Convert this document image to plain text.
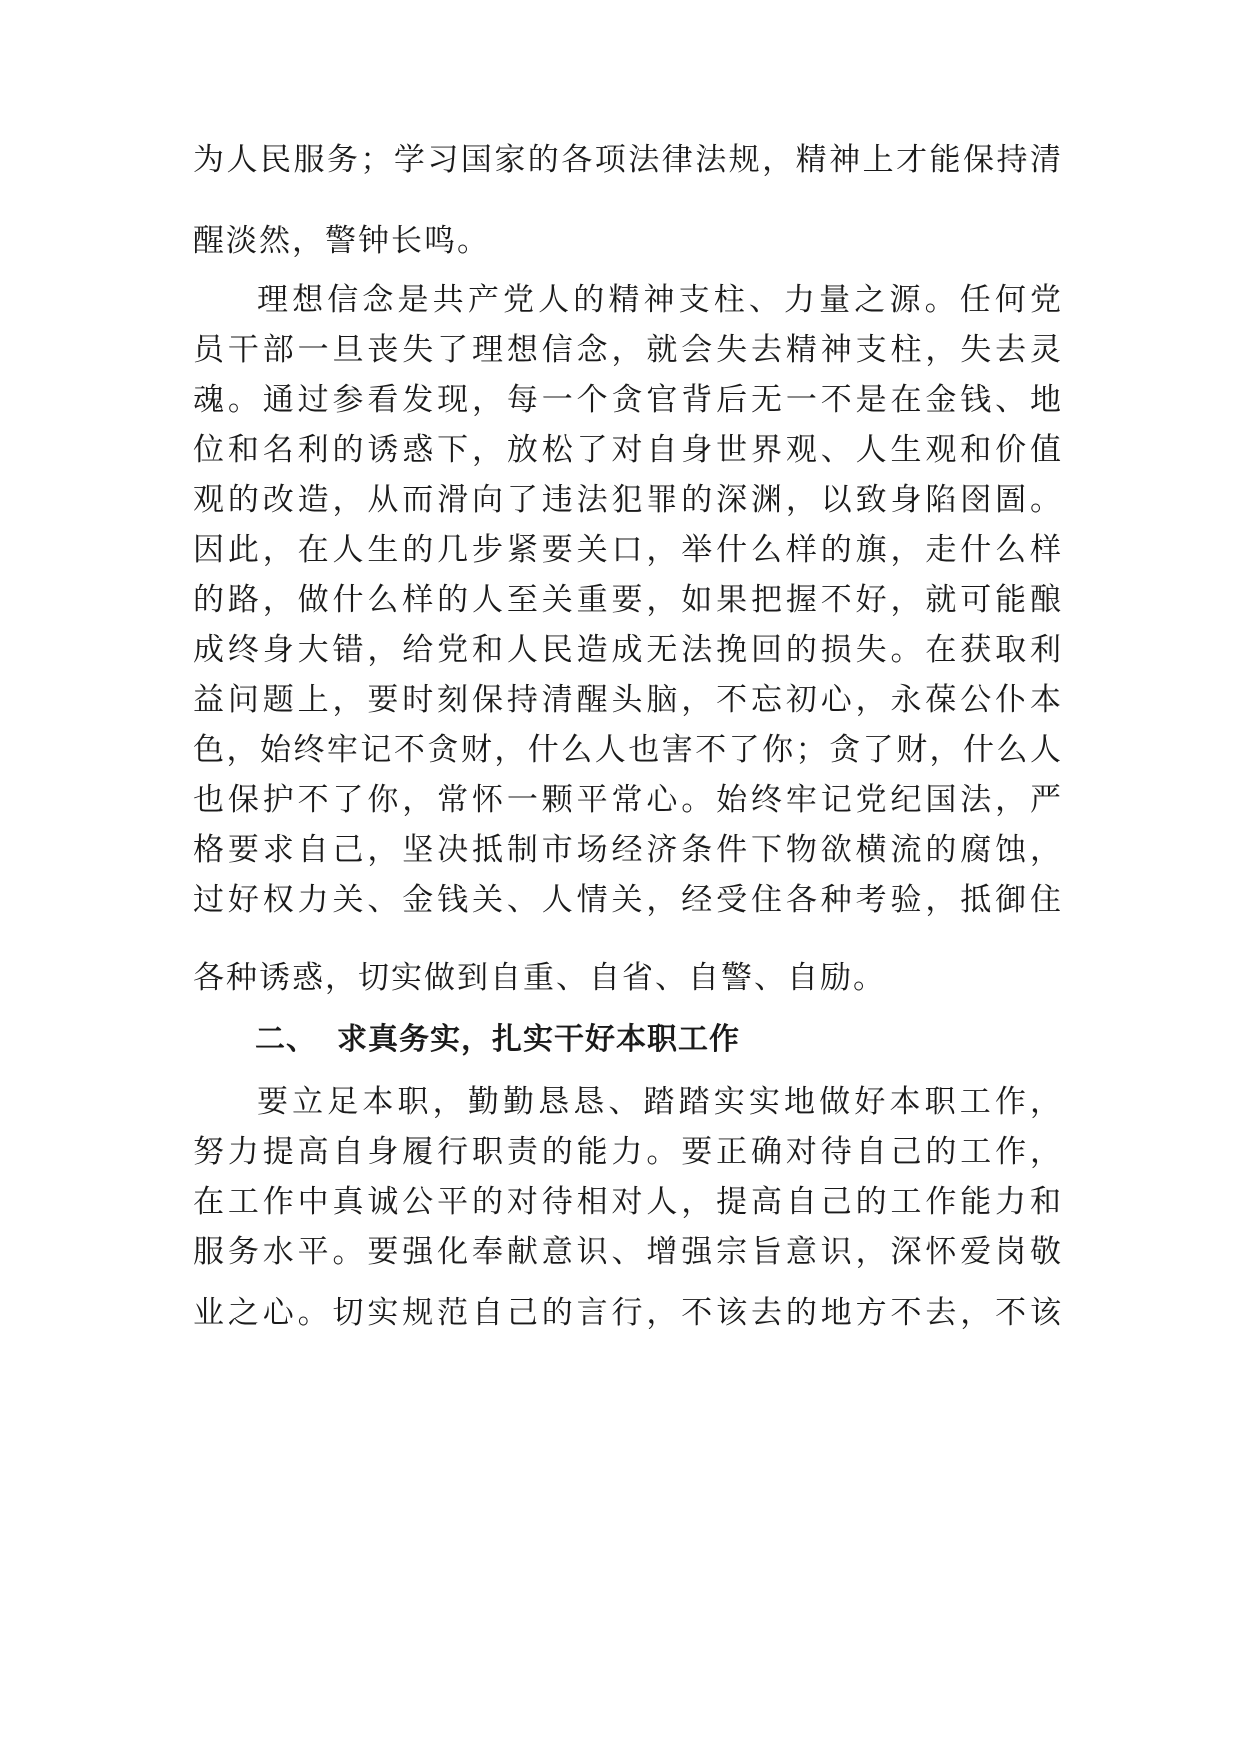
为人民服务；学习国家的各项法律法规，精神上才能保持清
醒淡然，警钟长鸣。
理想信念是共产党人的精神支柱、力量之源。任何党
员干部一旦丧失了理想信念，就会失去精神支柱，失去灵
魂。通过参看发现，每一个贪官背后无一不是在金钱、地
位和名利的诱惑下，放松了对自身世界观、人生观和价值
观的改造，从而滑向了违法犯罪的深渊，以致身陷囹圄。
因此，在人生的几步紧要关口，举什么样的旗，走什么样
的路，做什么样的人至关重要，如果把握不好，就可能酿
成终身大错，给党和人民造成无法挽回的损失。在获取利
益问题上，要时刻保持清醒头脑，不忘初心，永葆公仆本
色，始终牢记不贪财，什么人也害不了你；贪了财，什么人
也保护不了你，常怀一颗平常心。始终牢记党纪国法，严
格要求自己，坚决抵制市场经济条件下物欲横流的腐蚀，
过好权力关、金钱关、人情关，经受住各种考验，抵御住
各种诱惑，切实做到自重、自省、自警、自励。
二、 求真务实，扎实干好本职工作
要立足本职，勤勤恳恳、踏踏实实地做好本职工作，
努力提高自身履行职责的能力。要正确对待自己的工作，
在工作中真诚公平的对待相对人，提高自己的工作能力和
服务水平。要强化奉献意识、增强宗旨意识，深怀爱岗敬
业之心。切实规范自己的言行，不该去的地方不去，不该
